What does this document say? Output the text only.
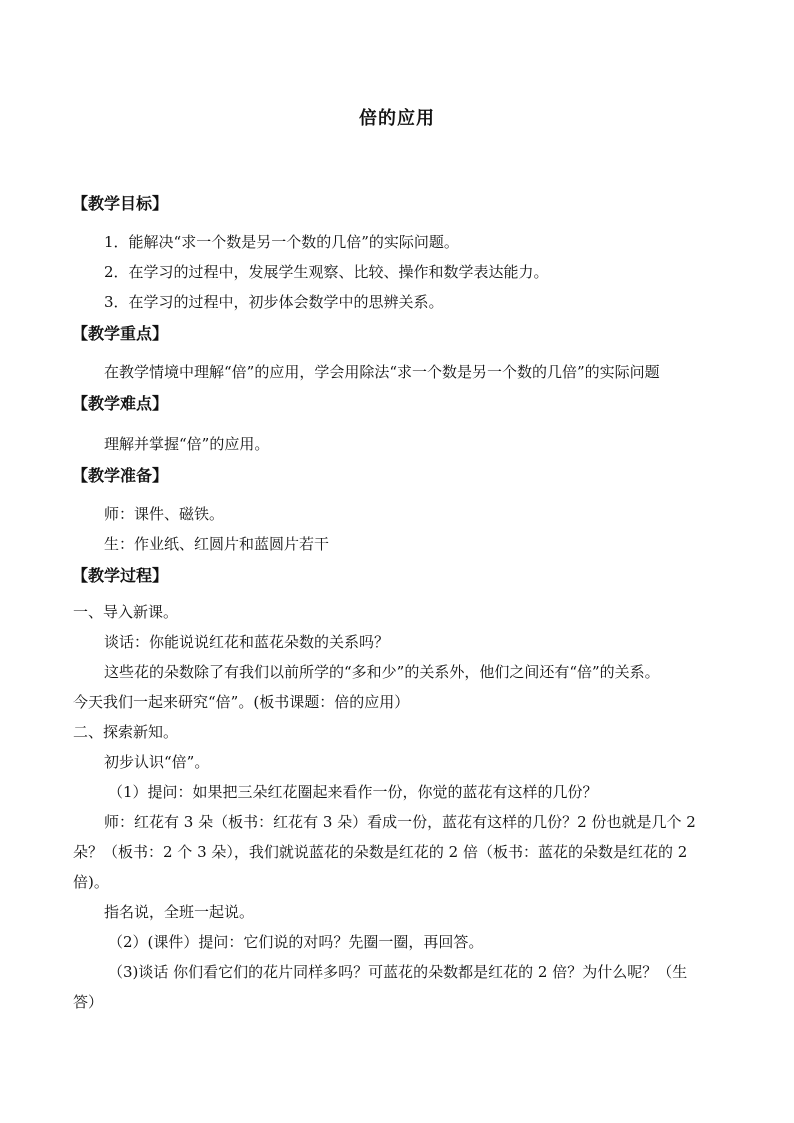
倍的应用

【教学目标】

1．能解决“求一个数是另一个数的几倍”的实际问题。

2．在学习的过程中，发展学生观察、比较、操作和数学表达能力。

3．在学习的过程中，初步体会数学中的思辨关系。

【教学重点】

在教学情境中理解“倍”的应用，学会用除法“求一个数是另一个数的几倍”的实际问题

【教学难点】

理解并掌握“倍”的应用。

【教学准备】

师：课件、磁铁。

生：作业纸、红圆片和蓝圆片若干

【教学过程】

一、导入新课。

谈话：你能说说红花和蓝花朵数的关系吗？

这些花的朵数除了有我们以前所学的“多和少”的关系外，他们之间还有“倍”的关系。

今天我们一起来研究“倍”。(板书课题：倍的应用）

二、探索新知。

初步认识“倍”。

（1）提问：如果把三朵红花圈起来看作一份，你觉的蓝花有这样的几份？

师：红花有 3 朵（板书：红花有 3 朵）看成一份，蓝花有这样的几份？2 份也就是几个 2

朵？（板书：2 个 3 朵），我们就说蓝花的朵数是红花的 2 倍（板书：蓝花的朵数是红花的 2

倍)。

指名说，全班一起说。

（2）(课件）提问：它们说的对吗？先圈一圈，再回答。

（3)谈话 你们看它们的花片同样多吗？可蓝花的朵数都是红花的 2 倍？为什么呢？（生

答）
